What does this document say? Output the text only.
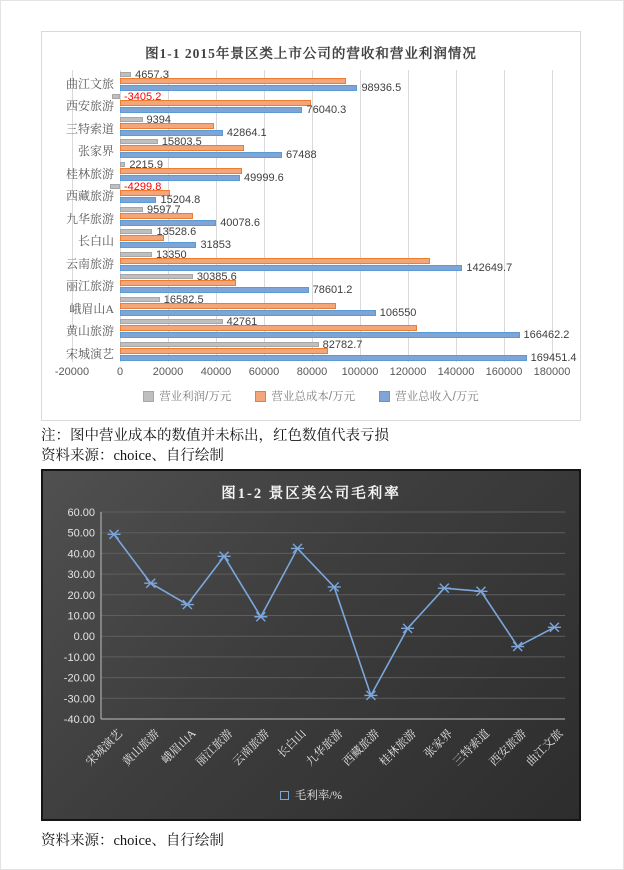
图1-1 2015年景区类上市公司的营收和营业利润情况
曲江文旅
4657.3
98936.5
西安旅游
-3405.2
76040.3
三特索道
9394
42864.1
张家界
15803.5
67488
桂林旅游
2215.9
49999.6
西藏旅游
-4299.8
15204.8
九华旅游
9597.7
40078.6
长白山
13528.6
31853
云南旅游
13350
142649.7
丽江旅游
30385.6
78601.2
峨眉山A
16582.5
106550
黄山旅游
42761
166462.2
宋城演艺
82782.7
169451.4
-20000	0	20000 40000 60000 80000 100000 120000 140000 160000 180000
营业利润/万元	营业总成本/万元	营业总收入/万元
注：图中营业成本的数值并未标出，红色数值代表亏损
资料来源：choice、自行绘制
60.00
50.00
40.00
30.00
20.00
10.00
0.00
-10.00
-20.00
-30.00
-40.00
宋城演艺
黄山旅游
峨眉山A
丽江旅游
云南旅游 长白山
九华旅游
西藏旅游
桂林旅游 张家界
三特索道
西安旅游
曲江文旅
图1-2 景区类公司毛利率
毛利率/%
资料来源：choice、自行绘制
